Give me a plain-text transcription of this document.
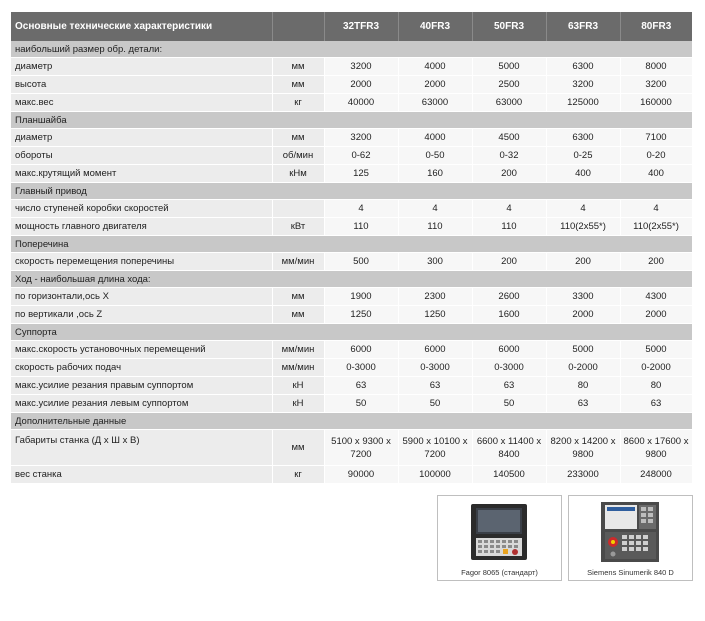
Основные технические характеристики		32TFR3	40FR3	50FR3	63FR3	80FR3
наибольший размер обр. детали:						
диаметр	мм	3200	4000	5000	6300	8000
высота	мм	2000	2000	2500	3200	3200
макс.вес	кг	40000	63000	63000	125000	160000
Планшайба						
диаметр	мм	3200	4000	4500	6300	7100
обороты	об/мин	0-62	0-50	0-32	0-25	0-20
макс.крутящий момент	кНм	125	160	200	400	400
Главный привод						
число ступеней коробки скоростей		4	4	4	4	4
мощность главного двигателя	кВт	110	110	110	110(2х55*)	110(2х55*)
Поперечина						
скорость перемещения поперечины	мм/мин	500	300	200	200	200
Ход - наибольшая длина хода:						
по горизонтали,ось X	мм	1900	2300	2600	3300	4300
по вертикали ,ось Z	мм	1250	1250	1600	2000	2000
Суппорта						
макс.скорость установочных перемещений	мм/мин	6000	6000	6000	5000	5000
скорость рабочих подач	мм/мин	0-3000	0-3000	0-3000	0-2000	0-2000
макс.усилие резания правым суппортом	кН	63	63	63	80	80
макс.усилие резания левым суппортом	кН	50	50	50	63	63
Дополнительные данные						
Габариты станка (Д x Ш x В)	мм	5100 x 9300 x 7200	5900 x 10100 x 7200	6600 x 11400 x 8400	8200 x 14200 x 9800	8600 x 17600 x 9800
вес станка	кг	90000	100000	140500	233000	248000
Fagor 8065 (стандарт)	Siemens Sinumerik 840 D
